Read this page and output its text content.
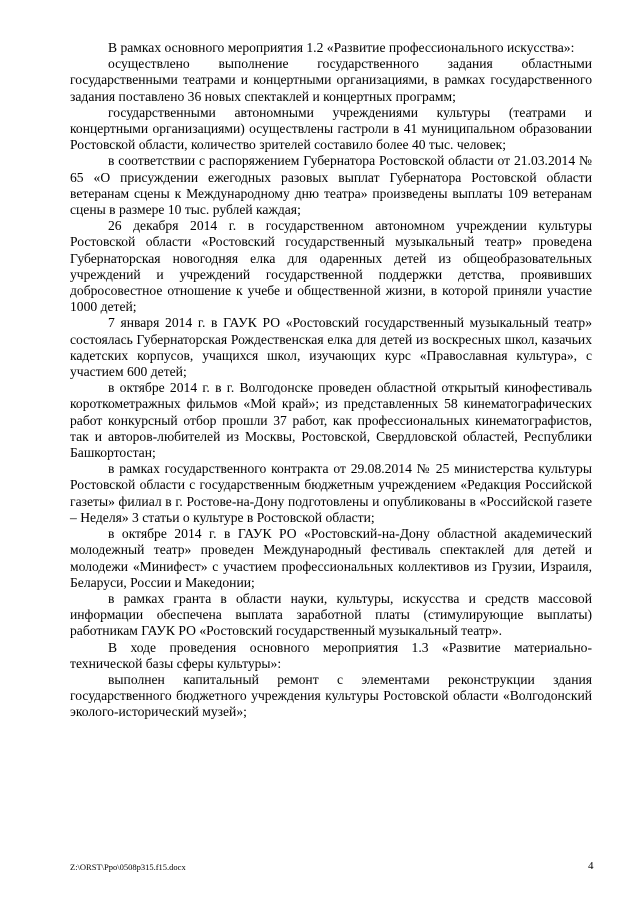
В рамках основного мероприятия 1.2 «Развитие профессионального искусства»:

осуществлено выполнение государственного задания областными государственными театрами и концертными организациями, в рамках государственного задания поставлено 36 новых спектаклей и концертных программ;

государственными автономными учреждениями культуры (театрами и концертными организациями) осуществлены гастроли в 41 муниципальном образовании Ростовской области, количество зрителей составило более 40 тыс. человек;

в соответствии с распоряжением Губернатора Ростовской области от 21.03.2014 № 65 «О присуждении ежегодных разовых выплат Губернатора Ростовской области ветеранам сцены к Международному дню театра» произведены выплаты 109 ветеранам сцены в размере 10 тыс. рублей каждая;

26 декабря 2014 г. в государственном автономном учреждении культуры Ростовской области «Ростовский государственный музыкальный театр» проведена Губернаторская новогодняя елка для одаренных детей из общеобразовательных учреждений и учреждений государственной поддержки детства, проявивших добросовестное отношение к учебе и общественной жизни, в которой приняли участие 1000 детей;

7 января 2014 г. в ГАУК РО «Ростовский государственный музыкальный театр» состоялась Губернаторская Рождественская елка для детей из воскресных школ, казачьих кадетских корпусов, учащихся школ, изучающих курс «Православная культура», с участием 600 детей;

в октябре 2014 г. в г. Волгодонске проведен областной открытый кинофестиваль короткометражных фильмов «Мой край»; из представленных 58 кинематографических работ конкурсный отбор прошли 37 работ, как профессиональных кинематографистов, так и авторов-любителей из Москвы, Ростовской, Свердловской областей, Республики Башкортостан;

в рамках государственного контракта от 29.08.2014 № 25 министерства культуры Ростовской области с государственным бюджетным учреждением «Редакция Российской газеты» филиал в г. Ростове-на-Дону подготовлены и опубликованы в «Российской газете – Неделя» 3 статьи о культуре в Ростовской области;

в октябре 2014 г. в ГАУК РО «Ростовский-на-Дону областной академический молодежный театр» проведен Международный фестиваль спектаклей для детей и молодежи «Минифест» с участием профессиональных коллективов из Грузии, Израиля, Беларуси, России и Македонии;

в рамках гранта в области науки, культуры, искусства и средств массовой информации обеспечена выплата заработной платы (стимулирующие выплаты) работникам ГАУК РО «Ростовский государственный музыкальный театр».

В ходе проведения основного мероприятия 1.3 «Развитие материально-технической базы сферы культуры»:

выполнен капитальный ремонт с элементами реконструкции здания государственного бюджетного учреждения культуры Ростовской области «Волгодонский эколого-исторический музей»;

Z:\ORST\Ppo\0508p315.f15.docx	4
